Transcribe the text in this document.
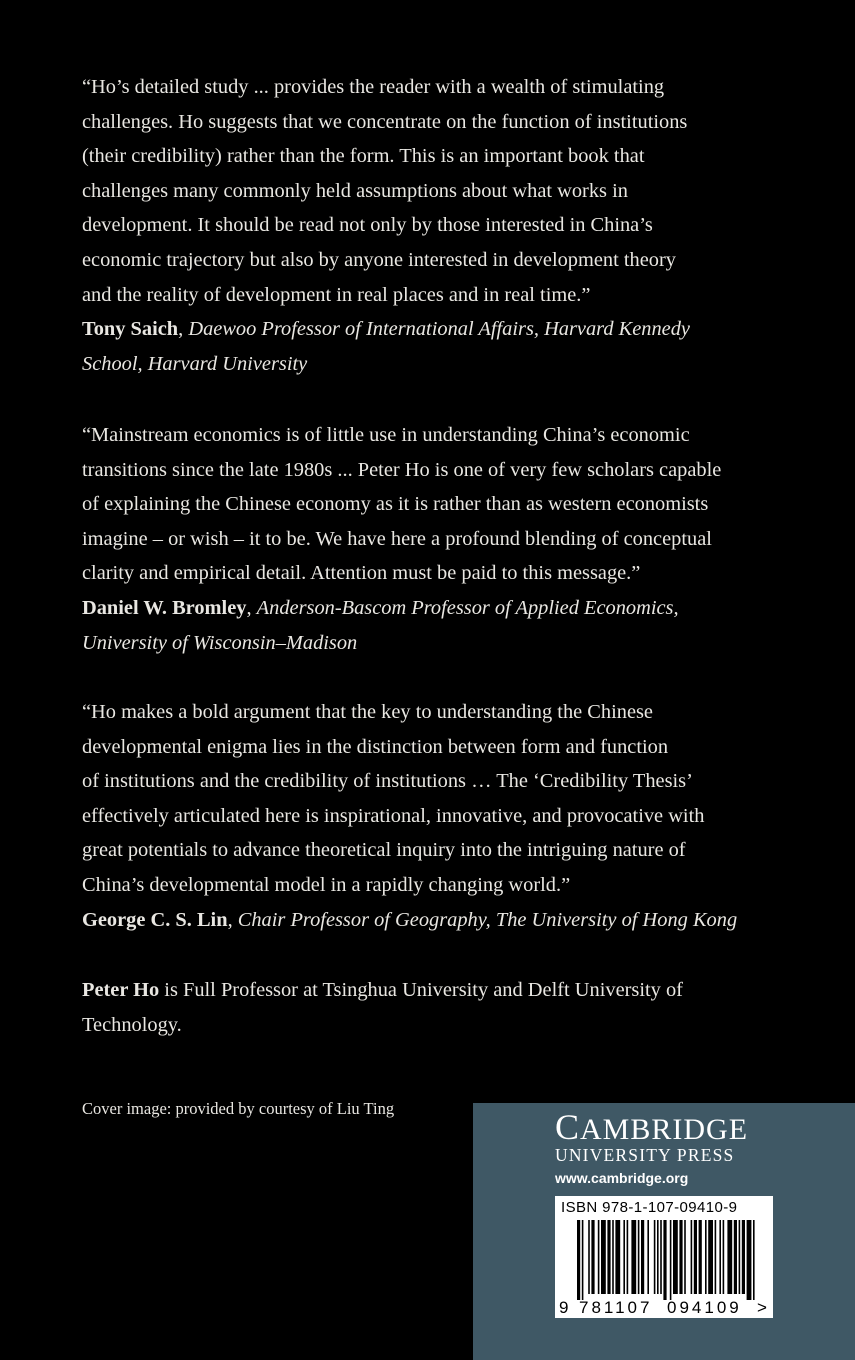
“Ho’s detailed study ... provides the reader with a wealth of stimulating
challenges. Ho suggests that we concentrate on the function of institutions
(their credibility) rather than the form. This is an important book that
challenges many commonly held assumptions about what works in
development. It should be read not only by those interested in China’s
economic trajectory but also by anyone interested in development theory
and the reality of development in real places and in real time.”
Tony Saich, Daewoo Professor of International Affairs, Harvard Kennedy
School, Harvard University
“Mainstream economics is of little use in understanding China’s economic
transitions since the late 1980s ... Peter Ho is one of very few scholars capable
of explaining the Chinese economy as it is rather than as western economists
imagine – or wish – it to be. We have here a profound blending of conceptual
clarity and empirical detail. Attention must be paid to this message.”
Daniel W. Bromley, Anderson-Bascom Professor of Applied Economics,
University of Wisconsin–Madison
“Ho makes a bold argument that the key to understanding the Chinese
developmental enigma lies in the distinction between form and function
of institutions and the credibility of institutions … The ‘Credibility Thesis’
effectively articulated here is inspirational, innovative, and provocative with
great potentials to advance theoretical inquiry into the intriguing nature of
China’s developmental model in a rapidly changing world.”
George C. S. Lin, Chair Professor of Geography, The University of Hong Kong
Peter Ho is Full Professor at Tsinghua University and Delft University of
Technology.
Cover image: provided by courtesy of Liu Ting	CAMBRIDGE
UNIVERSITY PRESS
www.cambridge.org
ISBN 978-1-107-09410-9
9 781107 094109 >
